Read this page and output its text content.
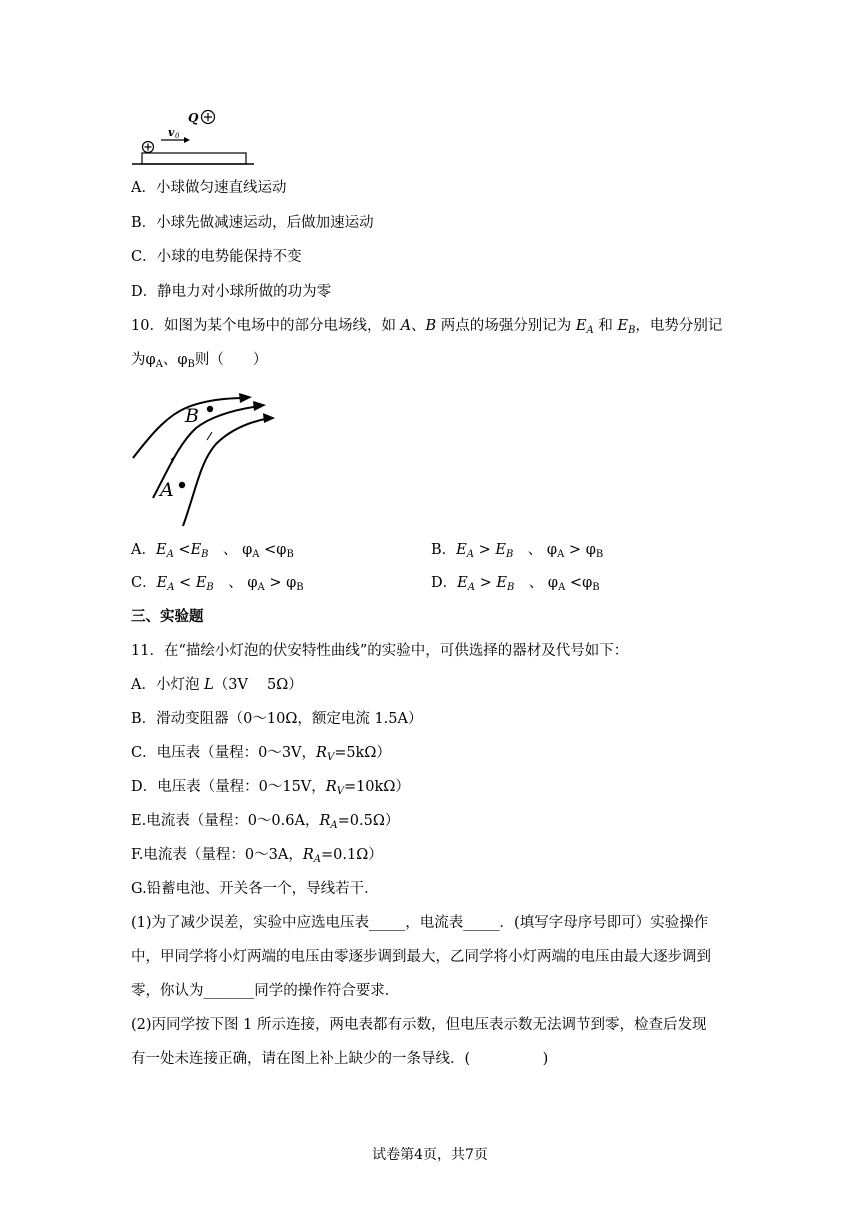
v 0
Q
A．小球做匀速直线运动
B．小球先做减速运动，后做加速运动
C．小球的电势能保持不变
D．静电力对小球所做的功为零
10．如图为某个电场中的部分电场线，如 A、B 两点的场强分别记为 $E_A$ 和 $E_B$，电势分别记
为$\varphi_A$、$\varphi_B$则（　　）
B
A
A．$E_A <E_B$　、 $\varphi_A <\varphi_B$	B．$E_A > E_B$　、 $\varphi_A > \varphi_B$
C．$E_A < E_B$　、 $\varphi_A > \varphi_B$	D．$E_A > E_B$　、 $\varphi_A <\varphi_B$
三、实验题
11．在“描绘小灯泡的伏安特性曲线”的实验中，可供选择的器材及代号如下：
A．小灯泡 L（3V　 5Ω）
B．滑动变阻器（0～10Ω，额定电流 1.5A）
C．电压表（量程：0～3V，$R_V=5k\Omega$）
D．电压表（量程：0～15V，$R_V=10k\Omega$）
E.电流表（量程：0～0.6A，$R_A=0.5\Omega$）
F.电流表（量程：0～3A，$R_A=0.1\Omega$）
G.铅蓄电池、开关各一个，导线若干．
(1)为了减少误差，实验中应选电压表_____，电流表_____．(填写字母序号即可）实验操作
中，甲同学将小灯两端的电压由零逐步调到最大，乙同学将小灯两端的电压由最大逐步调到
零，你认为_______同学的操作符合要求．
(2)丙同学按下图 1 所示连接，两电表都有示数，但电压表示数无法调节到零，检查后发现
有一处未连接正确，请在图上补上缺少的一条导线．(　　　　　)
试卷第4页，共7页
